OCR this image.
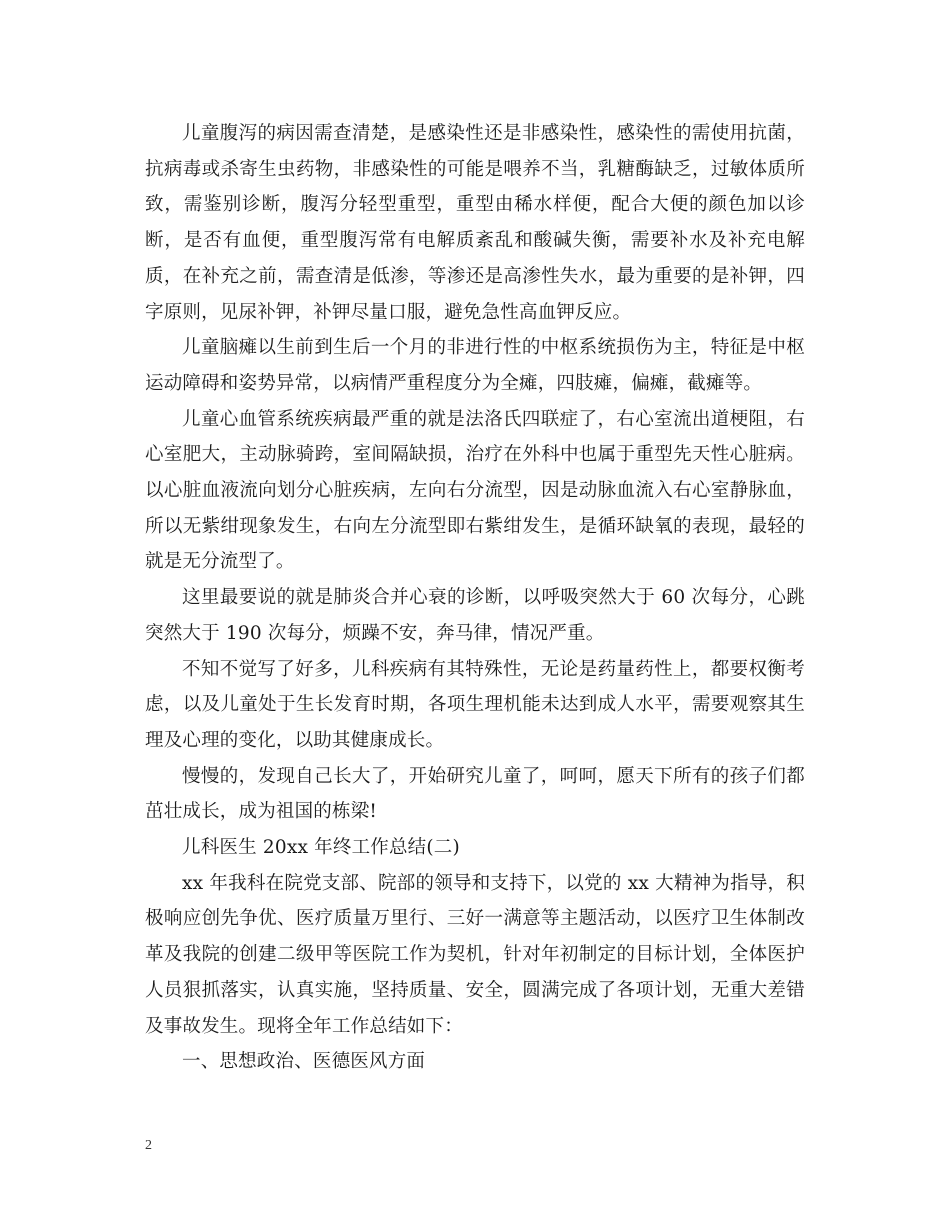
儿童腹泻的病因需查清楚，是感染性还是非感染性，感染性的需使用抗菌，抗病毒或杀寄生虫药物，非感染性的可能是喂养不当，乳糖酶缺乏，过敏体质所致，需鉴别诊断，腹泻分轻型重型，重型由稀水样便，配合大便的颜色加以诊断，是否有血便，重型腹泻常有电解质紊乱和酸碱失衡，需要补水及补充电解质，在补充之前，需查清是低渗，等渗还是高渗性失水，最为重要的是补钾，四字原则，见尿补钾，补钾尽量口服，避免急性高血钾反应。

儿童脑瘫以生前到生后一个月的非进行性的中枢系统损伤为主，特征是中枢运动障碍和姿势异常，以病情严重程度分为全瘫，四肢瘫，偏瘫，截瘫等。

儿童心血管系统疾病最严重的就是法洛氏四联症了，右心室流出道梗阻，右心室肥大，主动脉骑跨，室间隔缺损，治疗在外科中也属于重型先天性心脏病。以心脏血液流向划分心脏疾病，左向右分流型，因是动脉血流入右心室静脉血，所以无紫绀现象发生，右向左分流型即右紫绀发生，是循环缺氧的表现，最轻的就是无分流型了。

这里最要说的就是肺炎合并心衰的诊断，以呼吸突然大于 60 次每分，心跳突然大于 190 次每分，烦躁不安，奔马律，情况严重。

不知不觉写了好多，儿科疾病有其特殊性，无论是药量药性上，都要权衡考虑，以及儿童处于生长发育时期，各项生理机能未达到成人水平，需要观察其生理及心理的变化，以助其健康成长。

慢慢的，发现自己长大了，开始研究儿童了，呵呵，愿天下所有的孩子们都茁壮成长，成为祖国的栋梁!

儿科医生 20xx 年终工作总结(二)

xx 年我科在院党支部、院部的领导和支持下，以党的 xx 大精神为指导，积极响应创先争优、医疗质量万里行、三好一满意等主题活动，以医疗卫生体制改革及我院的创建二级甲等医院工作为契机，针对年初制定的目标计划，全体医护人员狠抓落实，认真实施，坚持质量、安全，圆满完成了各项计划，无重大差错及事故发生。现将全年工作总结如下：

一、思想政治、医德医风方面

2
